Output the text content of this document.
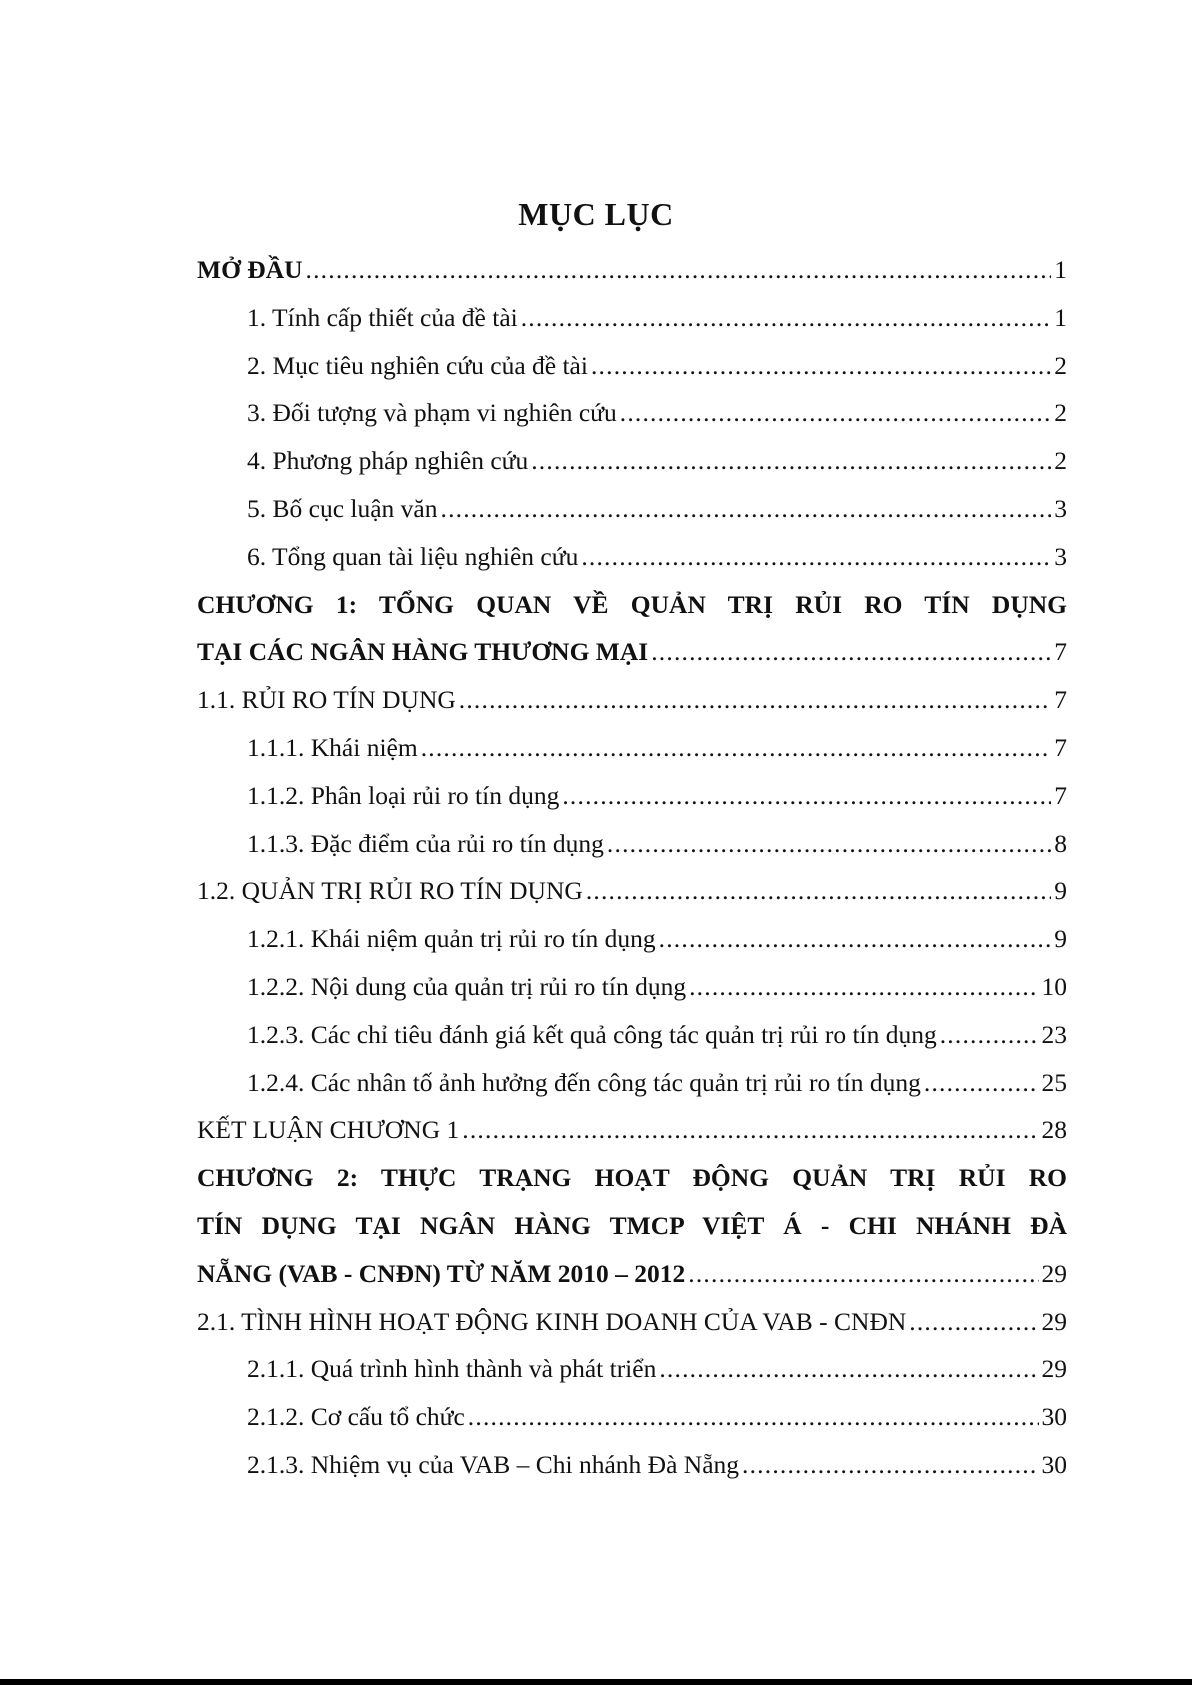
MỤC LỤC
MỞ ĐẦU .....	1
1. Tính cấp thiết của đề tài .....	1
2. Mục tiêu nghiên cứu của đề tài .....	2
3. Đối tượng và phạm vi nghiên cứu .....	2
4. Phương pháp nghiên cứu .....	2
5. Bố cục luận văn .....	3
6. Tổng quan tài liệu nghiên cứu .....	3
CHƯƠNG 1: TỔNG QUAN VỀ QUẢN TRỊ RỦI RO TÍN DỤNG
TẠI CÁC NGÂN HÀNG THƯƠNG MẠI .....	7
1.1. RỦI RO TÍN DỤNG .....	7
1.1.1. Khái niệm .....	7
1.1.2. Phân loại rủi ro tín dụng .....	7
1.1.3. Đặc điểm của rủi ro tín dụng .....	8
1.2. QUẢN TRỊ RỦI RO TÍN DỤNG .....	9
1.2.1. Khái niệm quản trị rủi ro tín dụng .....	9
1.2.2. Nội dung của quản trị rủi ro tín dụng .....	10
1.2.3. Các chỉ tiêu đánh giá kết quả công tác quản trị rủi ro tín dụng .....	23
1.2.4. Các nhân tố ảnh hưởng đến công tác quản trị rủi ro tín dụng .....	25
KẾT LUẬN CHƯƠNG 1 .....	28
CHƯƠNG 2: THỰC TRẠNG HOẠT ĐỘNG QUẢN TRỊ RỦI RO
TÍN DỤNG TẠI NGÂN HÀNG TMCP VIỆT Á - CHI NHÁNH ĐÀ
NẴNG (VAB - CNĐN) TỪ NĂM 2010 – 2012 .....	29
2.1. TÌNH HÌNH HOẠT ĐỘNG KINH DOANH CỦA VAB - CNĐN .....	29
2.1.1. Quá trình hình thành và phát triển .....	29
2.1.2. Cơ cấu tổ chức .....	30
2.1.3. Nhiệm vụ của VAB – Chi nhánh Đà Nẵng .....	30
